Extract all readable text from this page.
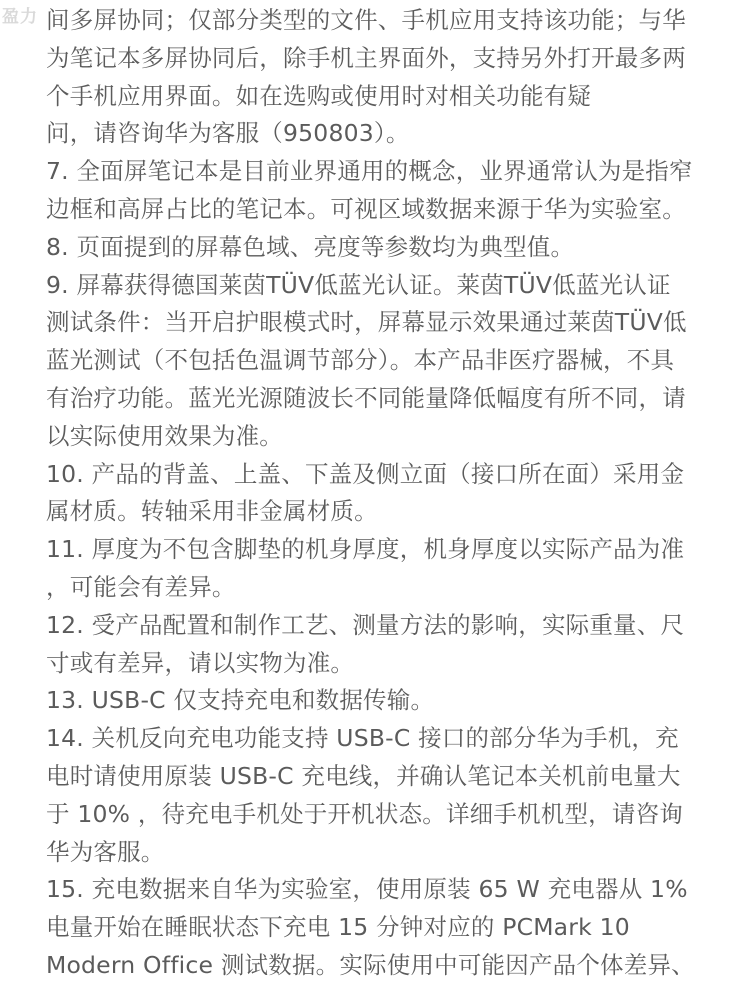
盈力 间多屏协同；仅部分类型的文件、手机应用支持该功能；与华
为笔记本多屏协同后，除手机主界面外，支持另外打开最多两
个手机应用界面。如在选购或使用时对相关功能有疑
问，请咨询华为客服（950803）。
7. 全面屏笔记本是目前业界通用的概念，业界通常认为是指窄
边框和高屏占比的笔记本。可视区域数据来源于华为实验室。
8. 页面提到的屏幕色域、亮度等参数均为典型值。
9. 屏幕获得德国莱茵TÜV低蓝光认证。莱茵TÜV低蓝光认证
测试条件：当开启护眼模式时，屏幕显示效果通过莱茵TÜV低
蓝光测试（不包括色温调节部分）。本产品非医疗器械，不具
有治疗功能。蓝光光源随波长不同能量降低幅度有所不同，请
以实际使用效果为准。
10. 产品的背盖、上盖、下盖及侧立面（接口所在面）采用金
属材质。转轴采用非金属材质。
11. 厚度为不包含脚垫的机身厚度，机身厚度以实际产品为准
，可能会有差异。
12. 受产品配置和制作工艺、测量方法的影响，实际重量、尺
寸或有差异，请以实物为准。
13. USB-C 仅支持充电和数据传输。
14. 关机反向充电功能支持 USB-C 接口的部分华为手机，充
电时请使用原装 USB-C 充电线，并确认笔记本关机前电量大
于 10% ，待充电手机处于开机状态。详细手机机型，请咨询
华为客服。
15. 充电数据来自华为实验室，使用原装 65 W 充电器从 1%
电量开始在睡眠状态下充电 15 分钟对应的 PCMark 10
Modern Office 测试数据。实际使用中可能因产品个体差异、
